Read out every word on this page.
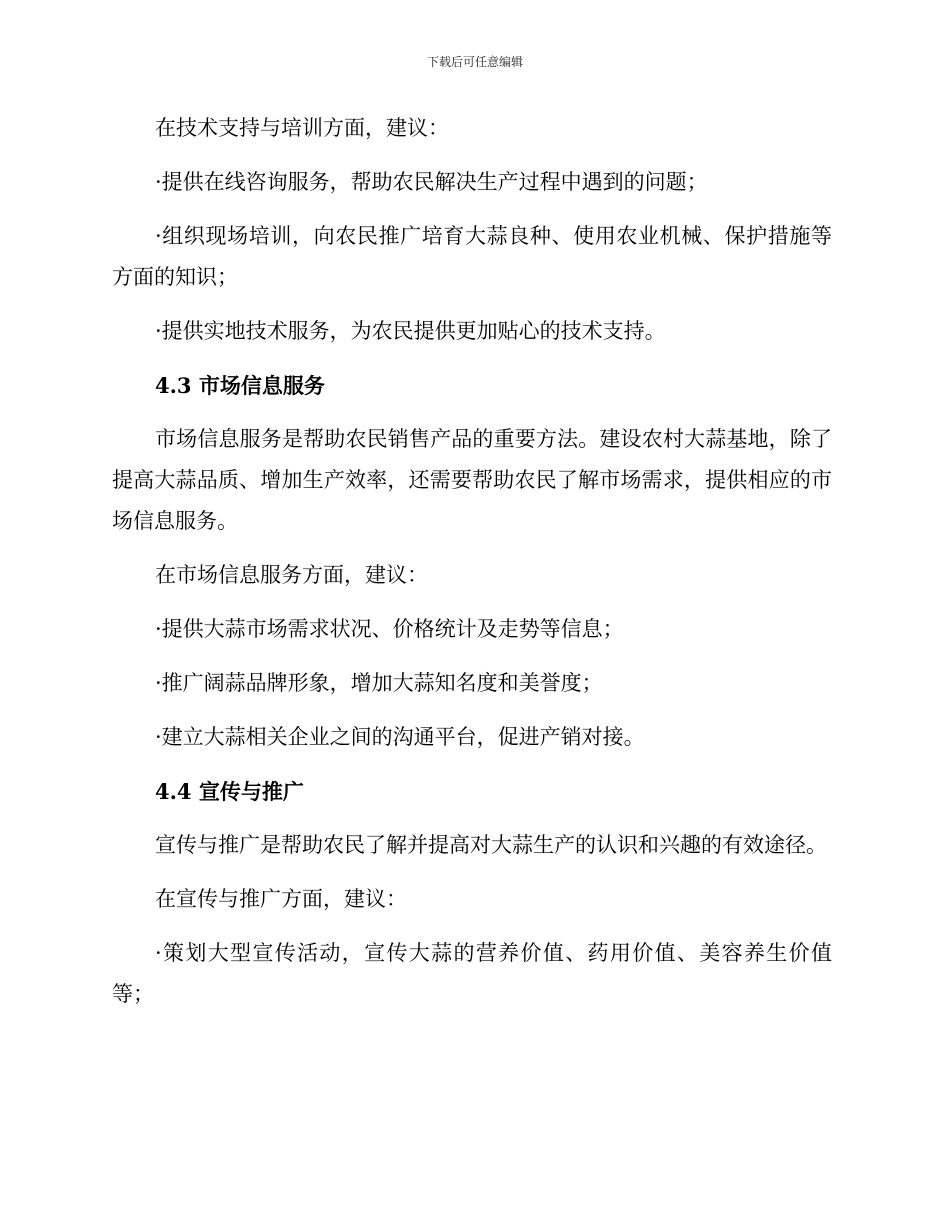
下载后可任意编辑

在技术支持与培训方面，建议：

·提供在线咨询服务，帮助农民解决生产过程中遇到的问题；

·组织现场培训，向农民推广培育大蒜良种、使用农业机械、保护措施等方面的知识；

·提供实地技术服务，为农民提供更加贴心的技术支持。

4.3 市场信息服务

市场信息服务是帮助农民销售产品的重要方法。建设农村大蒜基地，除了提高大蒜品质、增加生产效率，还需要帮助农民了解市场需求，提供相应的市场信息服务。

在市场信息服务方面，建议：

·提供大蒜市场需求状况、价格统计及走势等信息；

·推广阔蒜品牌形象，增加大蒜知名度和美誉度；

·建立大蒜相关企业之间的沟通平台，促进产销对接。

4.4 宣传与推广

宣传与推广是帮助农民了解并提高对大蒜生产的认识和兴趣的有效途径。

在宣传与推广方面，建议：

·策划大型宣传活动，宣传大蒜的营养价值、药用价值、美容养生价值等；
